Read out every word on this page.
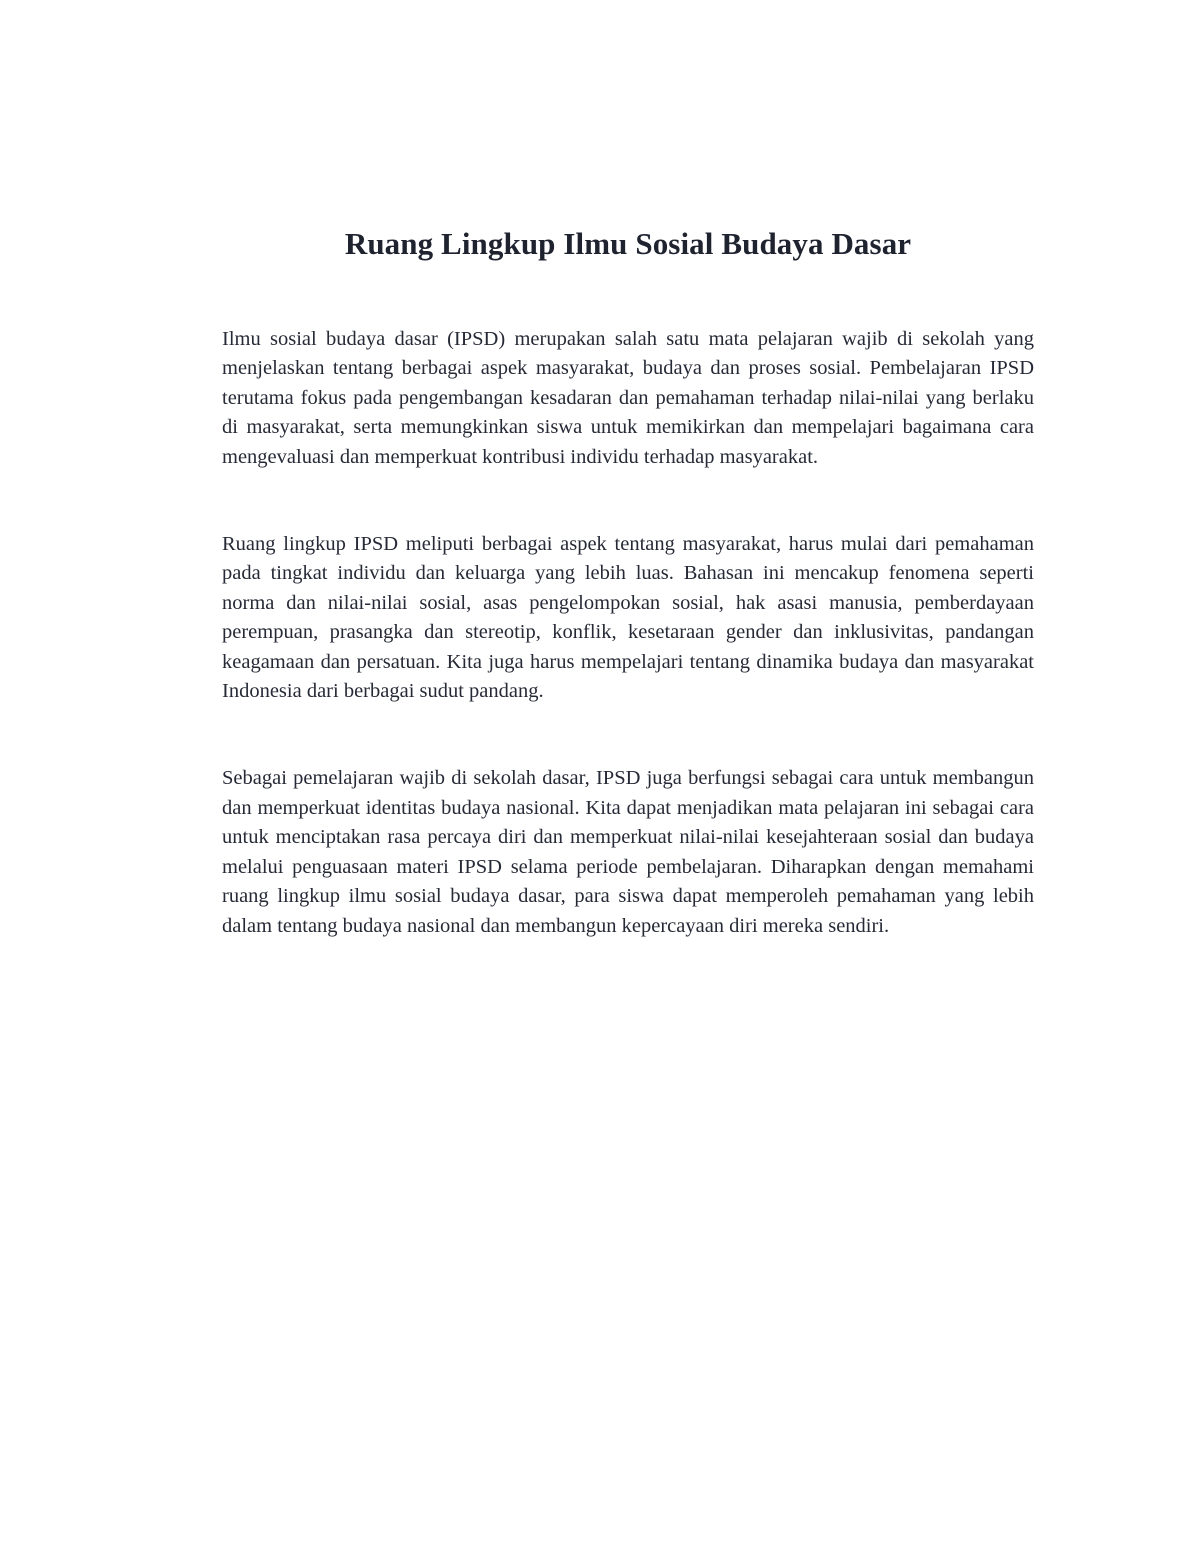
Ruang Lingkup Ilmu Sosial Budaya Dasar

Ilmu sosial budaya dasar (IPSD) merupakan salah satu mata pelajaran wajib di sekolah yang menjelaskan tentang berbagai aspek masyarakat, budaya dan proses sosial. Pembelajaran IPSD terutama fokus pada pengembangan kesadaran dan pemahaman terhadap nilai-nilai yang berlaku di masyarakat, serta memungkinkan siswa untuk memikirkan dan mempelajari bagaimana cara mengevaluasi dan memperkuat kontribusi individu terhadap masyarakat.

Ruang lingkup IPSD meliputi berbagai aspek tentang masyarakat, harus mulai dari pemahaman pada tingkat individu dan keluarga yang lebih luas. Bahasan ini mencakup fenomena seperti norma dan nilai-nilai sosial, asas pengelompokan sosial, hak asasi manusia, pemberdayaan perempuan, prasangka dan stereotip, konflik, kesetaraan gender dan inklusivitas, pandangan keagamaan dan persatuan. Kita juga harus mempelajari tentang dinamika budaya dan masyarakat Indonesia dari berbagai sudut pandang.

Sebagai pemelajaran wajib di sekolah dasar, IPSD juga berfungsi sebagai cara untuk membangun dan memperkuat identitas budaya nasional. Kita dapat menjadikan mata pelajaran ini sebagai cara untuk menciptakan rasa percaya diri dan memperkuat nilai-nilai kesejahteraan sosial dan budaya melalui penguasaan materi IPSD selama periode pembelajaran. Diharapkan dengan memahami ruang lingkup ilmu sosial budaya dasar, para siswa dapat memperoleh pemahaman yang lebih dalam tentang budaya nasional dan membangun kepercayaan diri mereka sendiri.
